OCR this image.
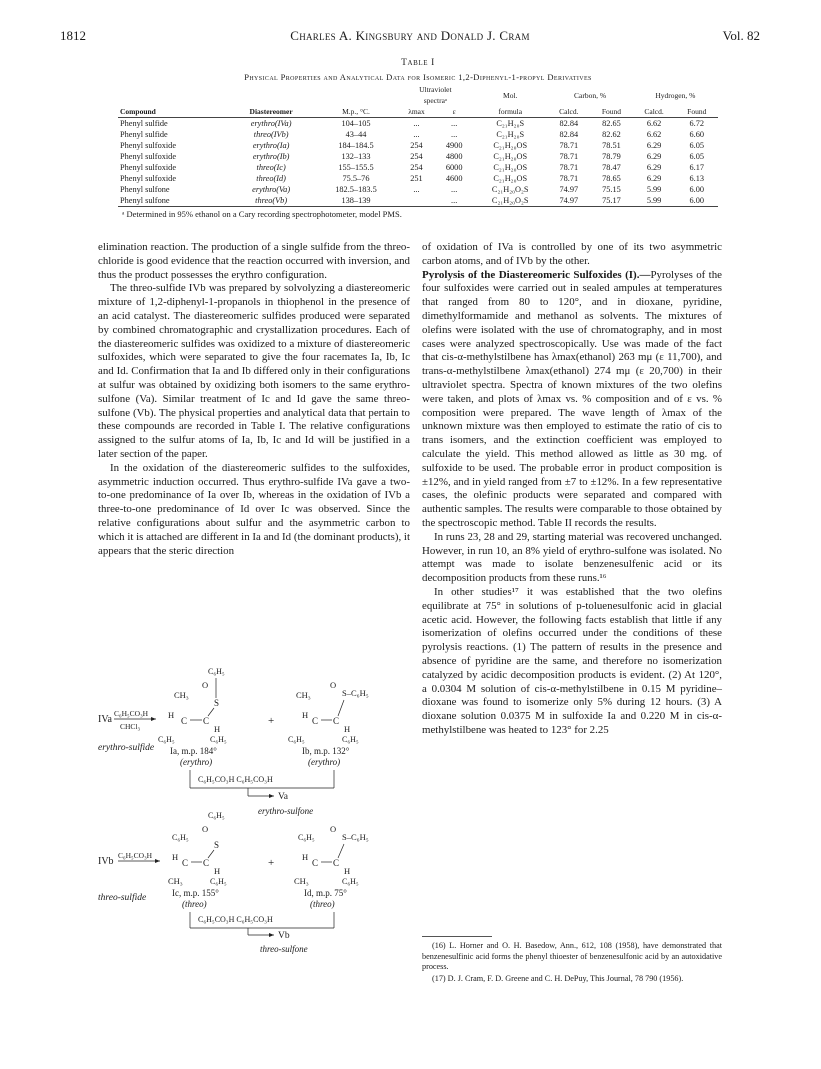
1812	Charles A. Kingsbury and Donald J. Cram	Vol. 82
Table I
Physical Properties and Analytical Data for Isomeric 1,2-Diphenyl-1-propyl Derivatives

			Ultraviolet
spectraᵃ		Mol.	Carbon, %		Hydrogen, %	
Compound	Diastereomer	M.p., °C.	λmax	ε	formula	Calcd.	Found	Calcd.	Found
Phenyl sulfide	erythro(IVa)	104–105	...	...	C₂₁H₂₀S	82.84	82.65	6.62	6.72
Phenyl sulfide	threo(IVb)	43–44	...	...	C₂₁H₂₀S	82.84	82.62	6.62	6.60
Phenyl sulfoxide	erythro(Ia)	184–184.5	254	4900	C₂₁H₂₀OS	78.71	78.51	6.29	6.05
Phenyl sulfoxide	erythro(Ib)	132–133	254	4800	C₂₁H₂₀OS	78.71	78.79	6.29	6.05
Phenyl sulfoxide	threo(Ic)	155–155.5	254	6000	C₂₁H₂₀OS	78.71	78.47	6.29	6.17
Phenyl sulfoxide	threo(Id)	75.5–76	251	4600	C₂₁H₂₀OS	78.71	78.65	6.29	6.13
Phenyl sulfone	erythro(Va)	182.5–183.5	...	...	C₂₁H₂₀O₂S	74.97	75.15	5.99	6.00
Phenyl sulfone	threo(Vb)	138–139		...	C₂₁H₂₀O₂S	74.97	75.17	5.99	6.00
ᵃ Determined in 95% ethanol on a Cary recording spectrophotometer, model PMS.

elimination reaction. The production of a single sulfide from the threo-chloride is good evidence that the reaction occurred with inversion, and thus the product possesses the erythro configuration.

The threo-sulfide IVb was prepared by solvolyzing a diastereomeric mixture of 1,2-diphenyl-1-propanols in thiophenol in the presence of an acid catalyst. The diastereomeric sulfides produced were separated by combined chromatographic and crystallization procedures. Each of the diastereomeric sulfides was oxidized to a mixture of diastereomeric sulfoxides, which were separated to give the four racemates Ia, Ib, Ic and Id. Confirmation that Ia and Ib differed only in their configurations at sulfur was obtained by oxidizing both isomers to the same erythro-sulfone (Va). Similar treatment of Ic and Id gave the same threo-sulfone (Vb). The physical properties and analytical data that pertain to these compounds are recorded in Table I. The relative configurations assigned to the sulfur atoms of Ia, Ib, Ic and Id will be justified in a later section of the paper.

In the oxidation of the diastereomeric sulfides to the sulfoxides, asymmetric induction occurred. Thus erythro-sulfide IVa gave a two-to-one predominance of Ia over Ib, whereas in the oxidation of IVb a three-to-one predominance of Id over Ic was observed. Since the relative configurations about sulfur and the asymmetric carbon to which it is attached are different in Ia and Id (the dominant products), it appears that the steric direction

IVa
C₆H₅CO₃H
CHCl₃
erythro-sulfide
C₆H₅
CH₃
O
S
H
C C
H
C₆H₅	C₆H₅
+
Ia, m.p. 184°
(erythro)
CH₃
O
S–C₆H₅
H
C C
H
C₆H₅	C₆H₅
Ib, m.p. 132°
(erythro)
C₆H₅CO₃H C₆H₅CO₃H
Va
erythro-sulfone
IVb
C₆H₅CO₃H
threo-sulfide
C₆H₅
C₆H₅
O
S
H
C C
H
CH₃	C₆H₅
+
Ic, m.p. 155°
(threo)
C₆H₅
O
S–C₆H₅
H
C C
H
CH₃	C₆H₅
Id, m.p. 75°
(threo)
C₆H₅CO₃H C₆H₅CO₃H
Vb
threo-sulfone

of oxidation of IVa is controlled by one of its two asymmetric carbon atoms, and of IVb by the other.

Pyrolysis of the Diastereomeric Sulfoxides (I).—Pyrolyses of the four sulfoxides were carried out in sealed ampules at temperatures that ranged from 80 to 120°, and in dioxane, pyridine, dimethylformamide and methanol as solvents. The mixtures of olefins were isolated with the use of chromatography, and in most cases were analyzed spectroscopically. Use was made of the fact that cis-α-methylstilbene has λmax(ethanol) 263 mμ (ε 11,700), and trans-α-methylstilbene λmax(ethanol) 274 mμ (ε 20,700) in their ultraviolet spectra. Spectra of known mixtures of the two olefins were taken, and plots of λmax vs. % composition and of ε vs. % composition were prepared. The wave length of λmax of the unknown mixture was then employed to estimate the ratio of cis to trans isomers, and the extinction coefficient was employed to calculate the yield. This method allowed as little as 30 mg. of sulfoxide to be used. The probable error in product composition is ±12%, and in yield ranged from ±7 to ±12%. In a few representative cases, the olefinic products were separated and compared with authentic samples. The results were comparable to those obtained by the spectroscopic method. Table II records the results.

In runs 23, 28 and 29, starting material was recovered unchanged. However, in run 10, an 8% yield of erythro-sulfone was isolated. No attempt was made to isolate benzenesulfenic acid or its decomposition products from these runs.¹⁶

In other studies¹⁷ it was established that the two olefins equilibrate at 75° in solutions of p-toluenesulfonic acid in glacial acetic acid. However, the following facts establish that little if any isomerization of olefins occurred under the conditions of these pyrolysis reactions. (1) The pattern of results in the presence and absence of pyridine are the same, and therefore no isomerization catalyzed by acidic decomposition products is evident. (2) At 120°, a 0.0304 M solution of cis-α-methylstilbene in 0.15 M pyridine–dioxane was found to isomerize only 5% during 12 hours. (3) A dioxane solution 0.0375 M in sulfoxide Ia and 0.220 M in cis-α-methylstilbene was heated to 123° for 2.25

(16) L. Horner and O. H. Basedow, Ann., 612, 108 (1958), have demonstrated that benzenesulfinic acid forms the phenyl thioester of benzenesulfonic acid by an autoxidative process.

(17) D. J. Cram, F. D. Greene and C. H. DePuy, This Journal, 78 790 (1956).
